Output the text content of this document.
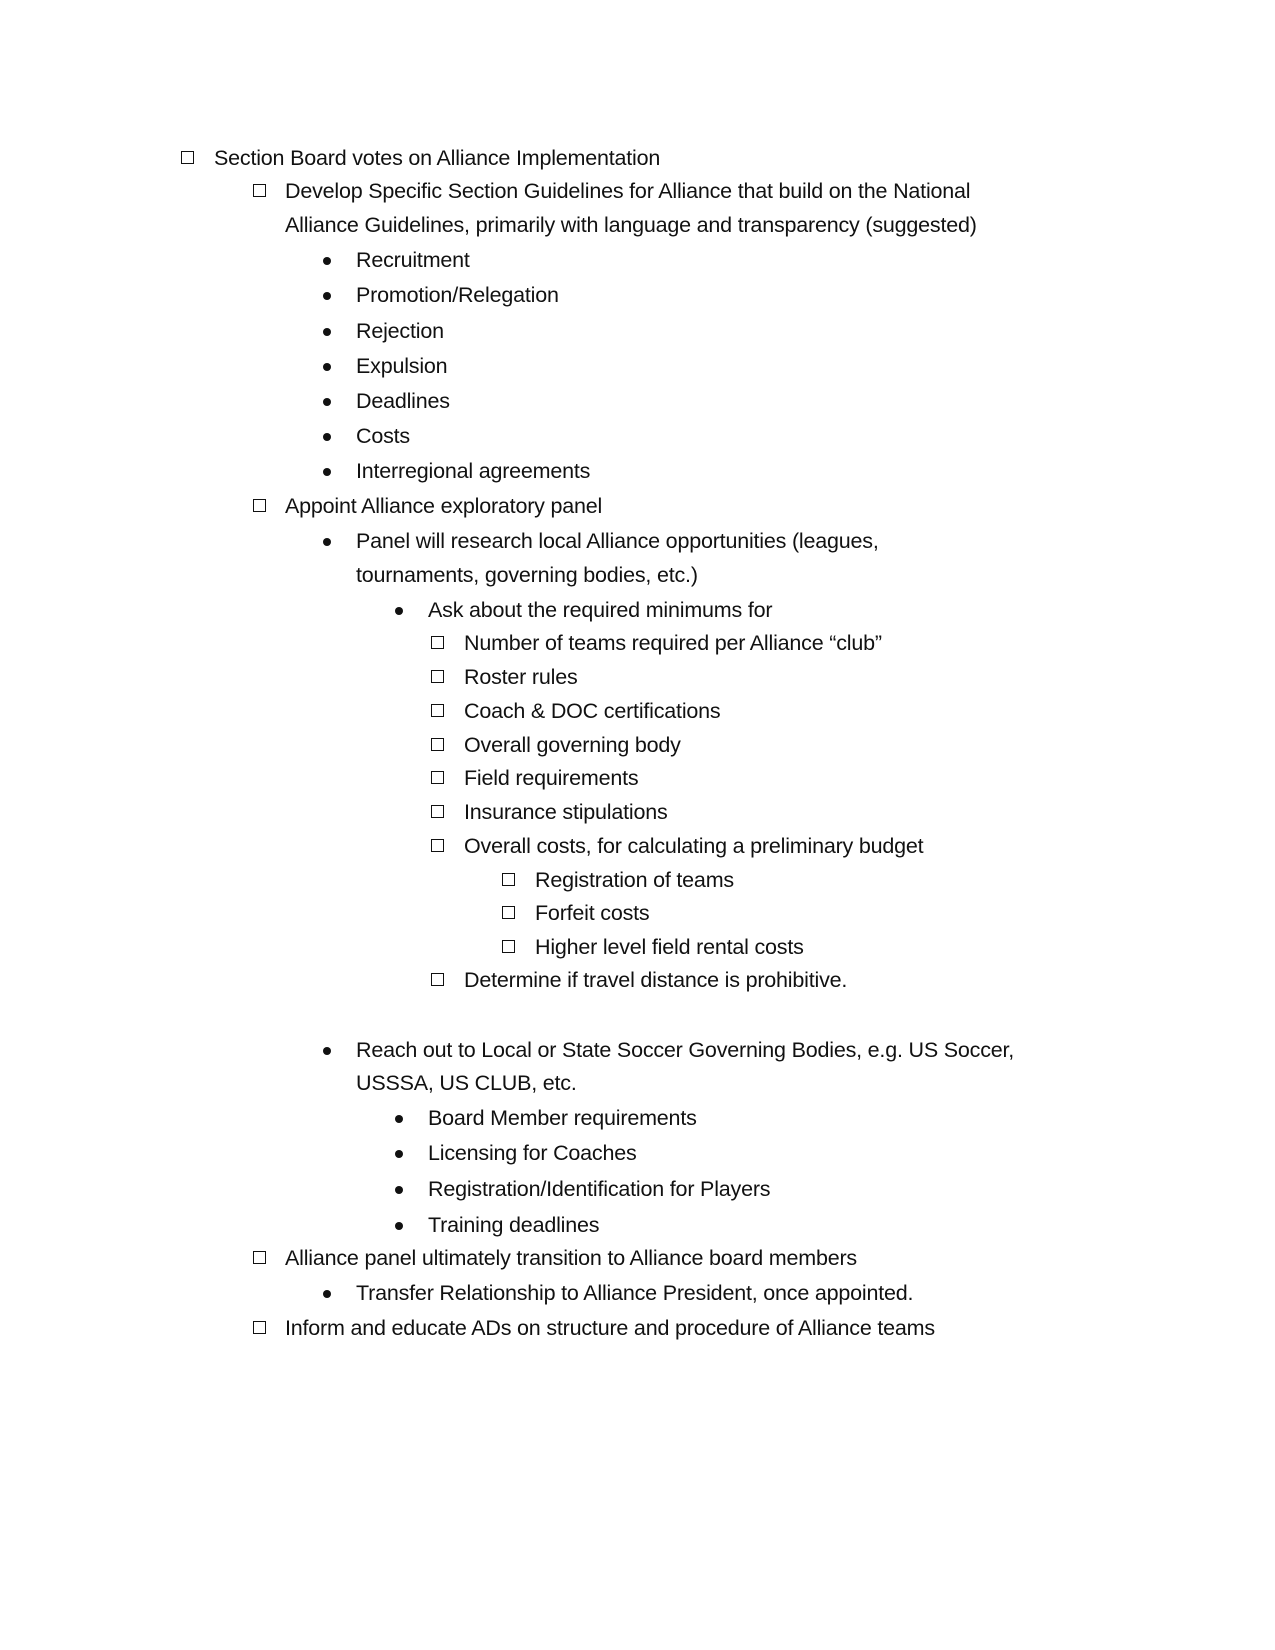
Section Board votes on Alliance Implementation
Develop Specific Section Guidelines for Alliance that build on the National
Alliance Guidelines, primarily with language and transparency (suggested)
Recruitment
Promotion/Relegation
Rejection
Expulsion
Deadlines
Costs
Interregional agreements
Appoint Alliance exploratory panel
Panel will research local Alliance opportunities (leagues,
tournaments, governing bodies, etc.)
Ask about the required minimums for
Number of teams required per Alliance “club”
Roster rules
Coach & DOC certifications
Overall governing body
Field requirements
Insurance stipulations
Overall costs, for calculating a preliminary budget
Registration of teams
Forfeit costs
Higher level field rental costs
Determine if travel distance is prohibitive.
Reach out to Local or State Soccer Governing Bodies, e.g. US Soccer,
USSSA, US CLUB, etc.
Board Member requirements
Licensing for Coaches
Registration/Identification for Players
Training deadlines
Alliance panel ultimately transition to Alliance board members
Transfer Relationship to Alliance President, once appointed.
Inform and educate ADs on structure and procedure of Alliance teams
